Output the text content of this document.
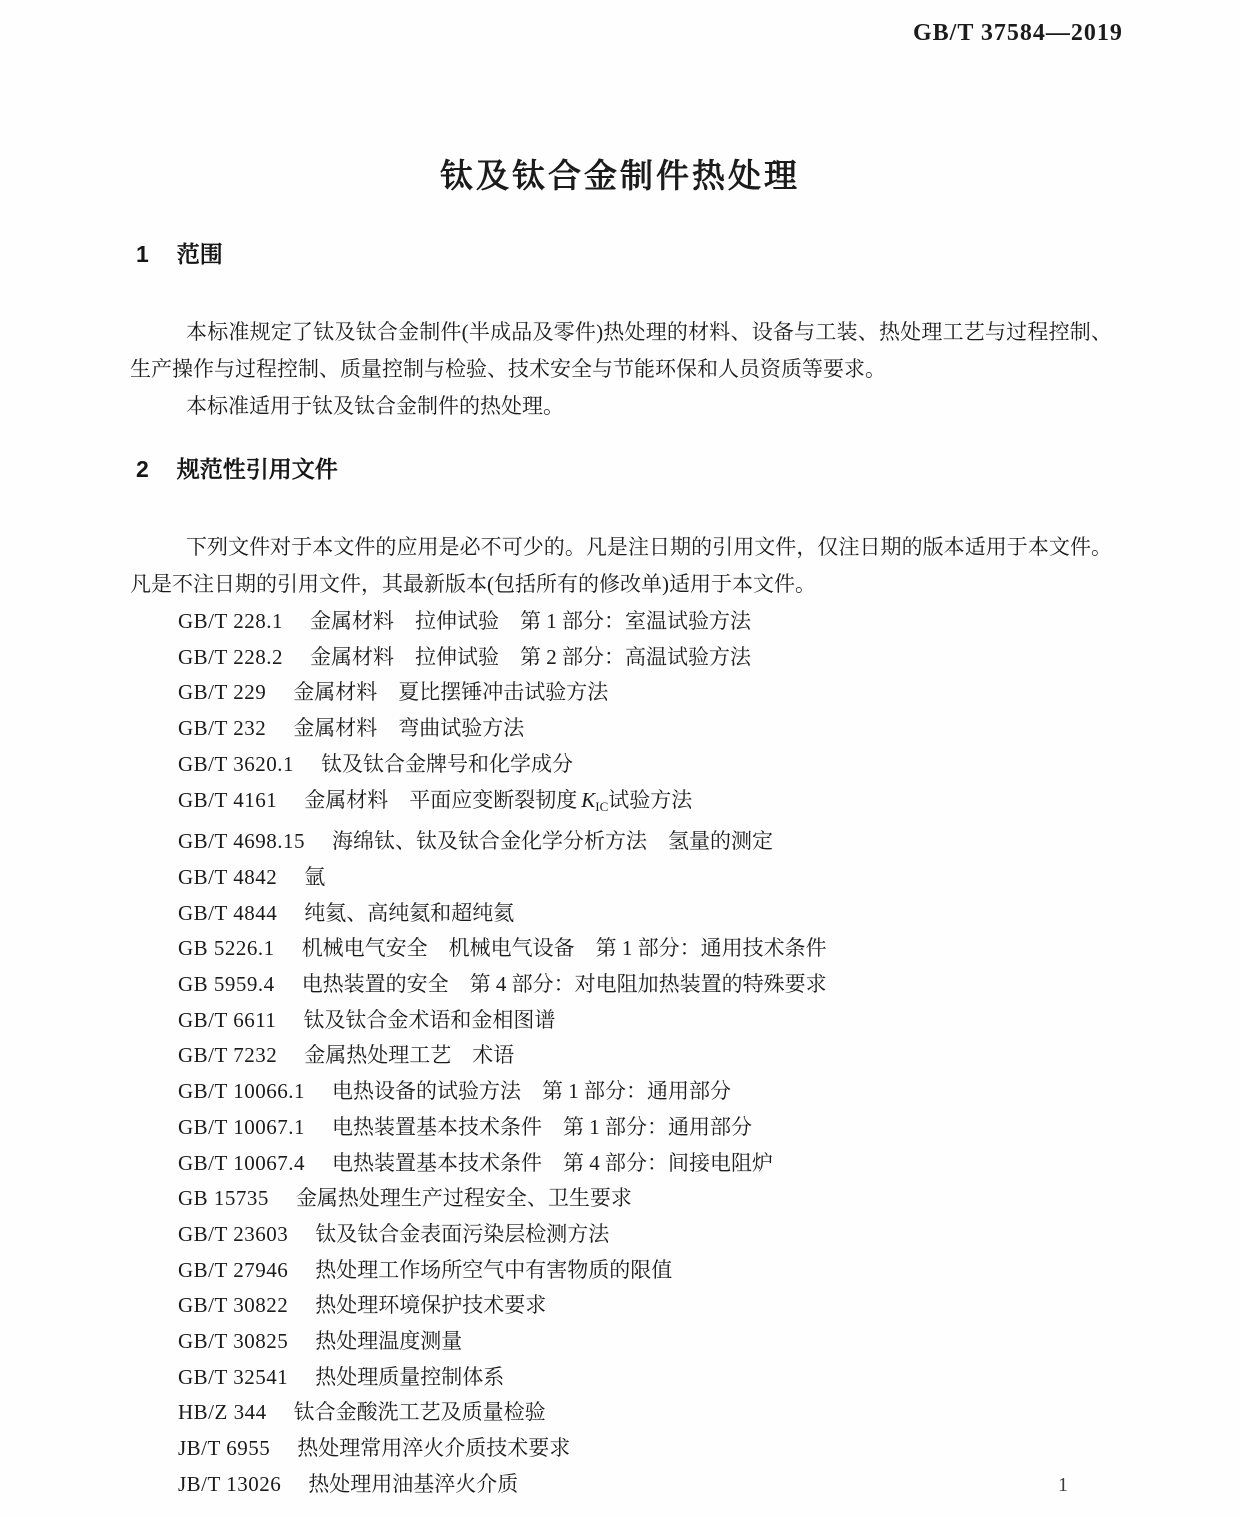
GB/T 37584—2019
钛及钛合金制件热处理
1 范围

本标准规定了钛及钛合金制件(半成品及零件)热处理的材料、设备与工装、热处理工艺与过程控制、生产操作与过程控制、质量控制与检验、技术安全与节能环保和人员资质等要求。

本标准适用于钛及钛合金制件的热处理。

2 规范性引用文件

下列文件对于本文件的应用是必不可少的。凡是注日期的引用文件，仅注日期的版本适用于本文件。凡是不注日期的引用文件，其最新版本(包括所有的修改单)适用于本文件。

GB/T 228.1 金属材料　拉伸试验　第 1 部分：室温试验方法
GB/T 228.2 金属材料　拉伸试验　第 2 部分：高温试验方法
GB/T 229 金属材料　夏比摆锤冲击试验方法
GB/T 232 金属材料　弯曲试验方法
GB/T 3620.1 钛及钛合金牌号和化学成分
GB/T 4161 金属材料　平面应变断裂韧度 $K_{IC}$试验方法
GB/T 4698.15 海绵钛、钛及钛合金化学分析方法　氢量的测定
GB/T 4842 氩
GB/T 4844 纯氦、高纯氦和超纯氦
GB 5226.1 机械电气安全　机械电气设备　第 1 部分：通用技术条件
GB 5959.4 电热装置的安全　第 4 部分：对电阻加热装置的特殊要求
GB/T 6611 钛及钛合金术语和金相图谱
GB/T 7232 金属热处理工艺　术语
GB/T 10066.1 电热设备的试验方法　第 1 部分：通用部分
GB/T 10067.1 电热装置基本技术条件　第 1 部分：通用部分
GB/T 10067.4 电热装置基本技术条件　第 4 部分：间接电阻炉
GB 15735 金属热处理生产过程安全、卫生要求
GB/T 23603 钛及钛合金表面污染层检测方法
GB/T 27946 热处理工作场所空气中有害物质的限值
GB/T 30822 热处理环境保护技术要求
GB/T 30825 热处理温度测量
GB/T 32541 热处理质量控制体系
HB/Z 344 钛合金酸洗工艺及质量检验
JB/T 6955 热处理常用淬火介质技术要求
JB/T 13026 热处理用油基淬火介质	1
